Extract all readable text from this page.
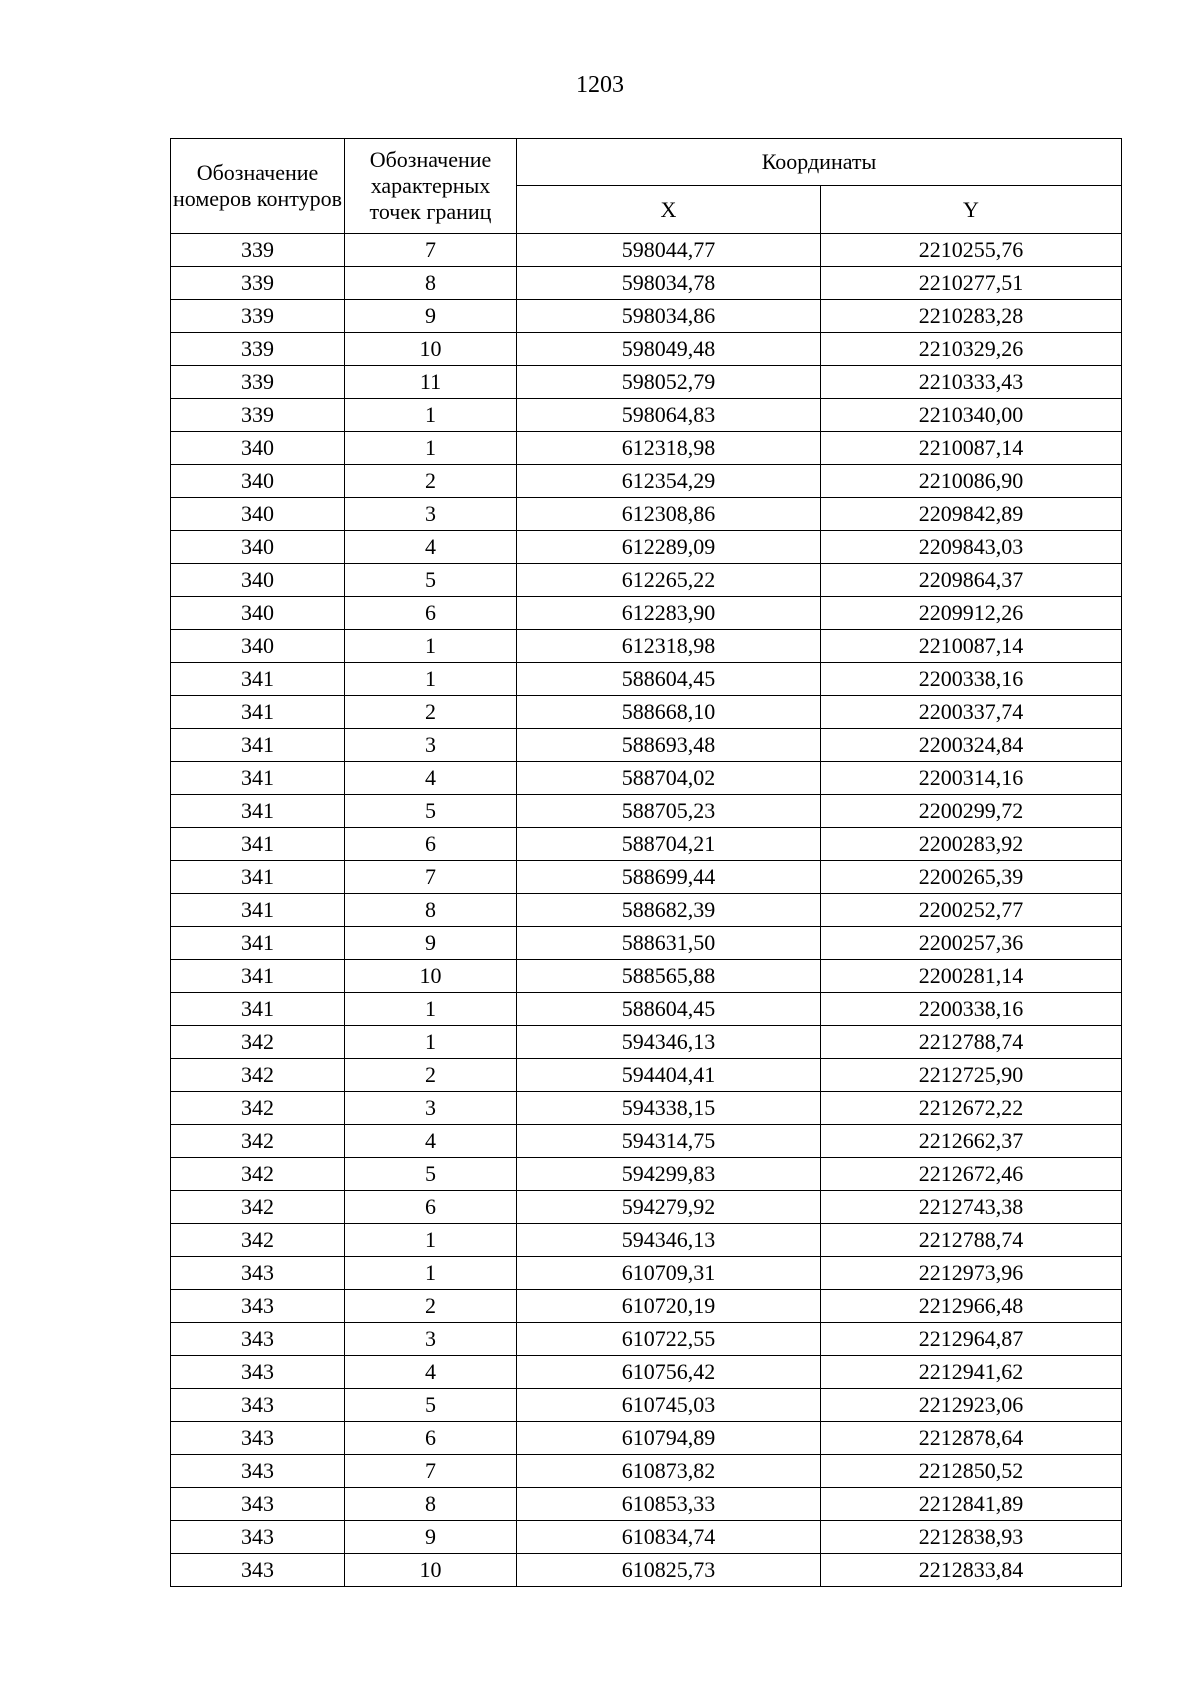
1203
Обозначение номеров контуров	Обозначение характерных точек границ	Координаты	
		X	Y
339	7	598044,77	2210255,76
339	8	598034,78	2210277,51
339	9	598034,86	2210283,28
339	10	598049,48	2210329,26
339	11	598052,79	2210333,43
339	1	598064,83	2210340,00
340	1	612318,98	2210087,14
340	2	612354,29	2210086,90
340	3	612308,86	2209842,89
340	4	612289,09	2209843,03
340	5	612265,22	2209864,37
340	6	612283,90	2209912,26
340	1	612318,98	2210087,14
341	1	588604,45	2200338,16
341	2	588668,10	2200337,74
341	3	588693,48	2200324,84
341	4	588704,02	2200314,16
341	5	588705,23	2200299,72
341	6	588704,21	2200283,92
341	7	588699,44	2200265,39
341	8	588682,39	2200252,77
341	9	588631,50	2200257,36
341	10	588565,88	2200281,14
341	1	588604,45	2200338,16
342	1	594346,13	2212788,74
342	2	594404,41	2212725,90
342	3	594338,15	2212672,22
342	4	594314,75	2212662,37
342	5	594299,83	2212672,46
342	6	594279,92	2212743,38
342	1	594346,13	2212788,74
343	1	610709,31	2212973,96
343	2	610720,19	2212966,48
343	3	610722,55	2212964,87
343	4	610756,42	2212941,62
343	5	610745,03	2212923,06
343	6	610794,89	2212878,64
343	7	610873,82	2212850,52
343	8	610853,33	2212841,89
343	9	610834,74	2212838,93
343	10	610825,73	2212833,84
